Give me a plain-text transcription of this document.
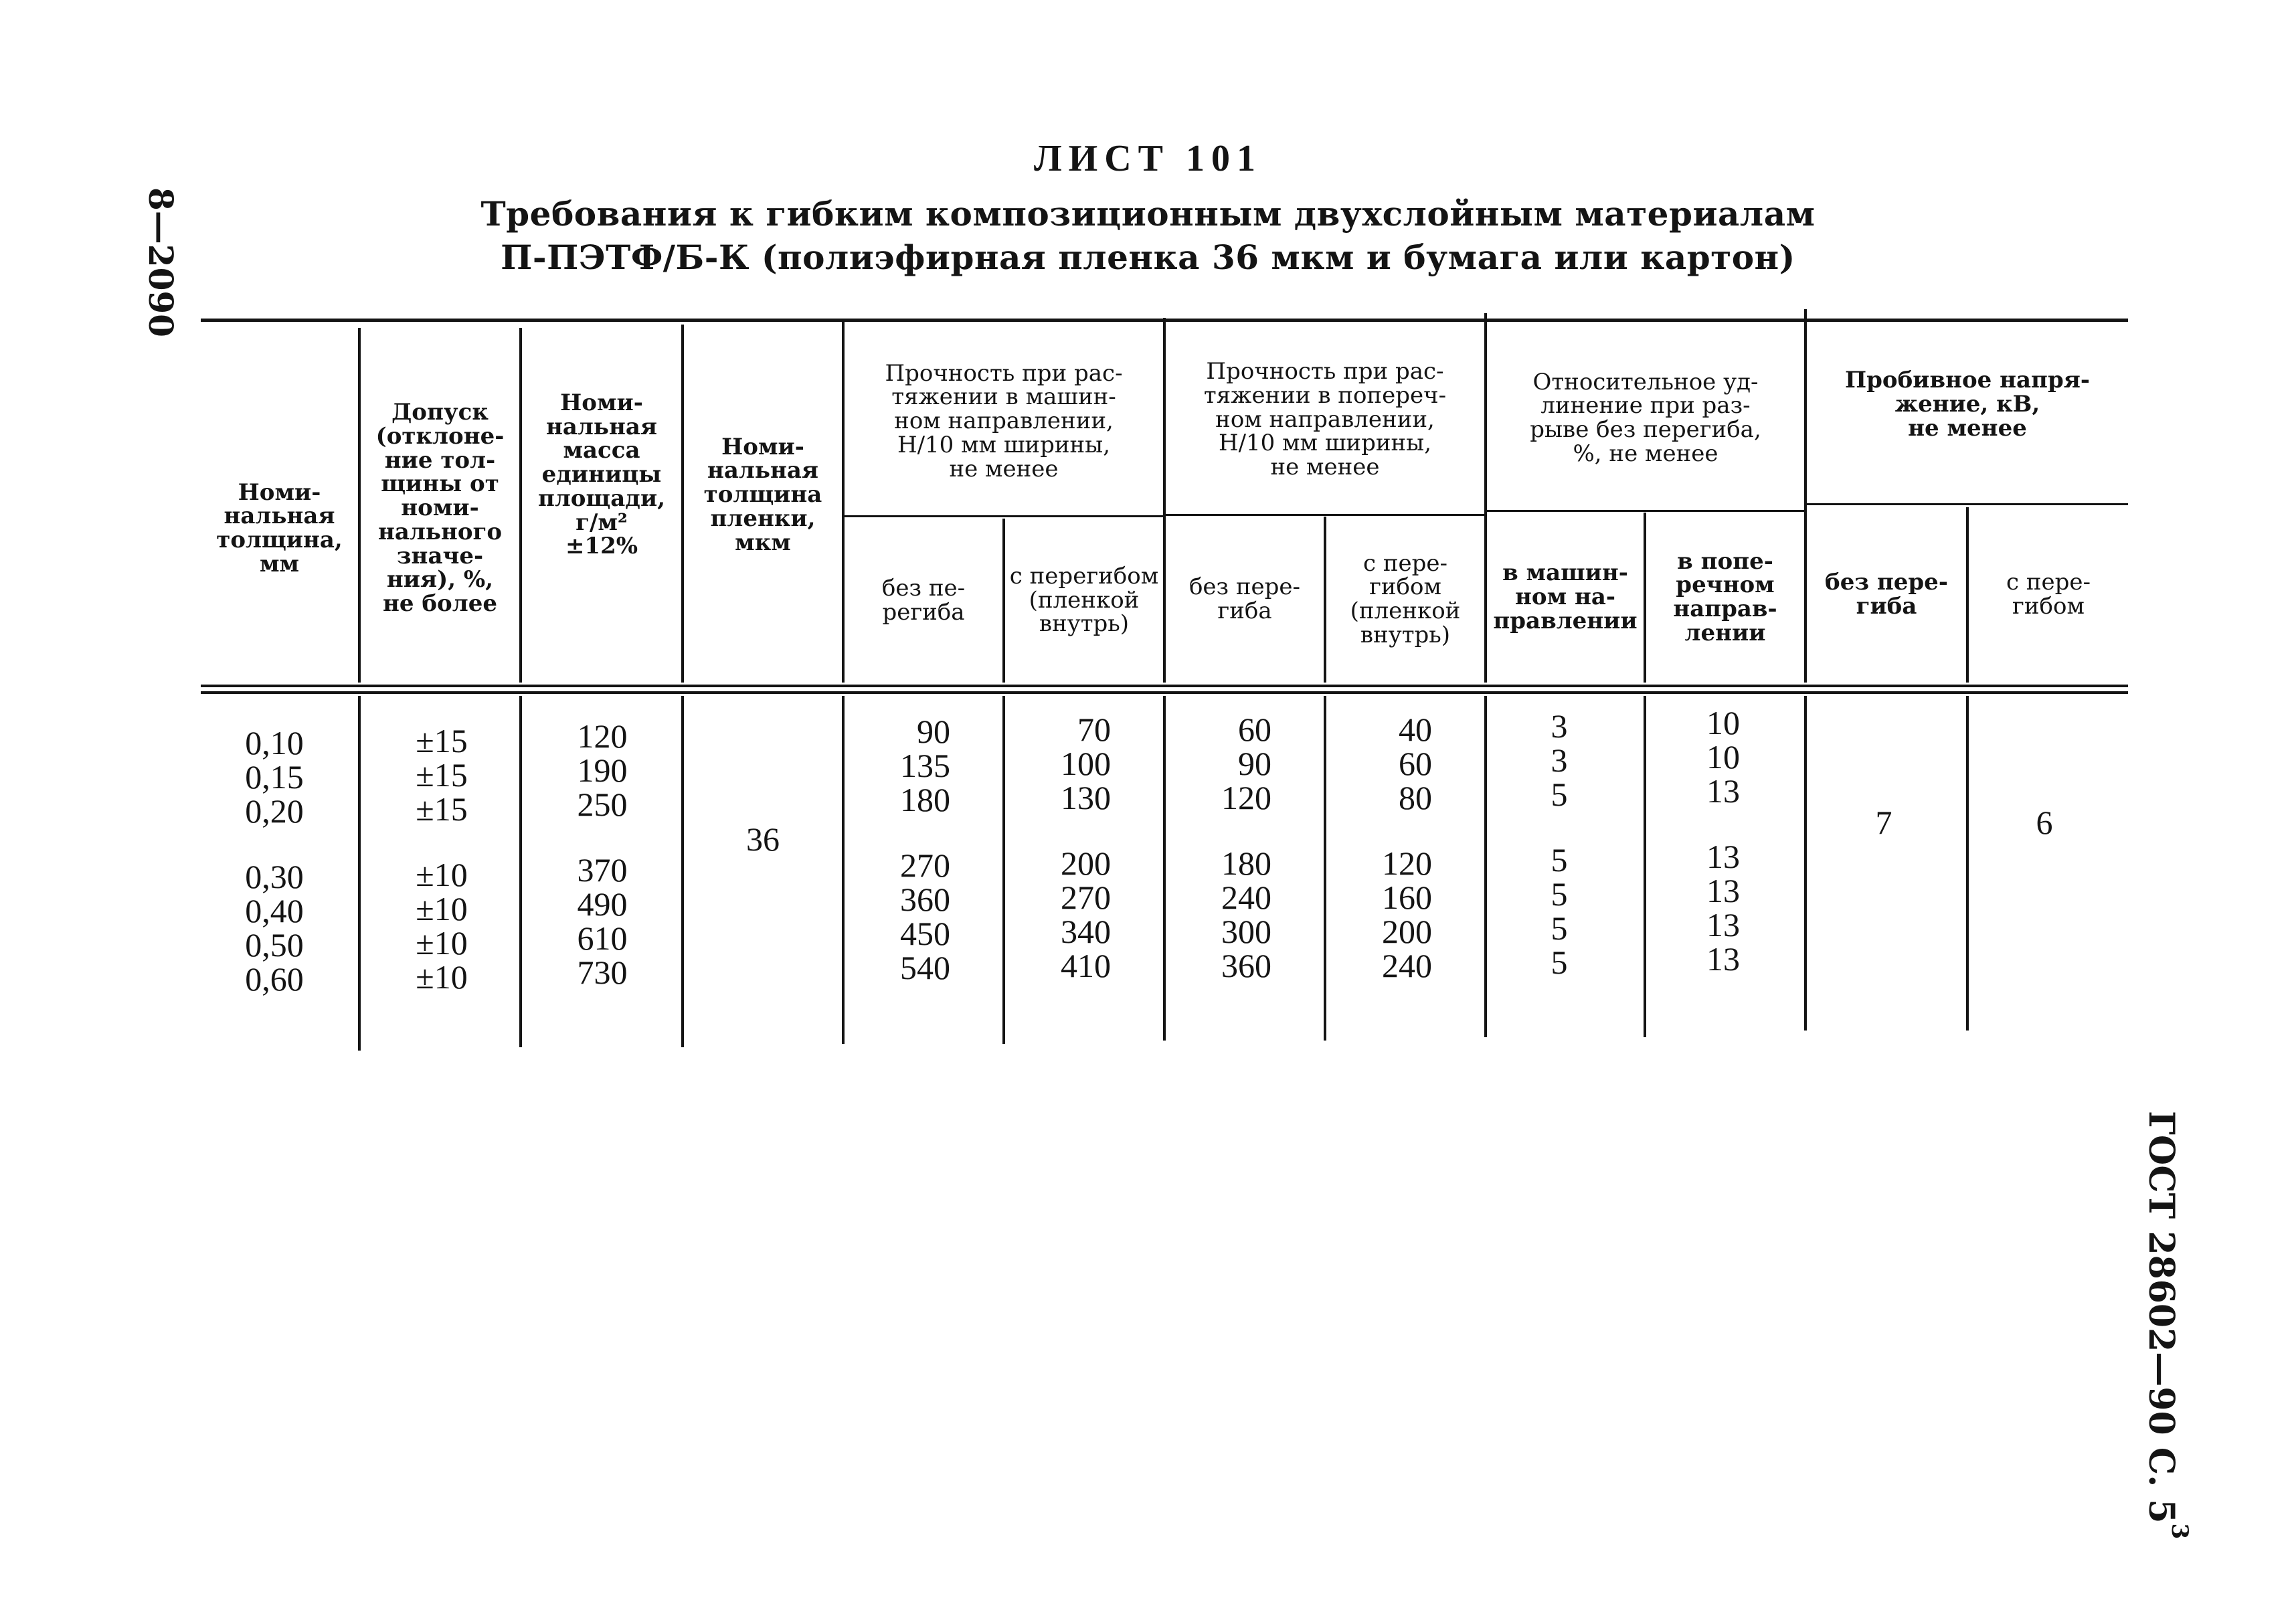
ЛИСТ 101
Требования к гибким композиционным двухслойным материалам
П-ПЭТФ/Б-К (полиэфирная пленка 36 мкм и бумага или картон)
8—2090
ГОСТ 28602—90 С. $5^3$
Номи-
нальная
толщина,
мм
Допуск
(отклоне-
ние тол-
щины от
номи-
нального
значе-
ния), %,
не более
Номи-
нальная
масса
единицы
площади,
г/м²
±12%
Номи-
нальная
толщина
пленки,
мкм
Прочность при рас-
тяжении в машин-
ном направлении,
Н/10 мм ширины,
не менее
Прочность при рас-
тяжении в попереч-
ном направлении,
Н/10 мм ширины,
не менее
Относительное уд-
линение при раз-
рыве без перегиба,
%, не менее
Пробивное напря-
жение, кВ,
не менее
без пе-
региба
с перегибом
(пленкой
внутрь)
без пере-
гиба
с пере-
гибом
(пленкой
внутрь)
в машин-
ном на-
правлении
в попе-
речном
направ-
лении
без пере-
гиба
с пере-
гибом
0,10
0,15
0,20
0,30
0,40
0,50
0,60
±15
±15
±15
±10
±10
±10
±10
120
190
250
370
490
610
730
36
90
135
180
270
360
450
540
70
100
130
200
270
340
410
60
90
120
180
240
300
360
40
60
80
120
160
200
240
3
3
5
5
5
5
5
10
10
13
13
13
13
13
7	6
